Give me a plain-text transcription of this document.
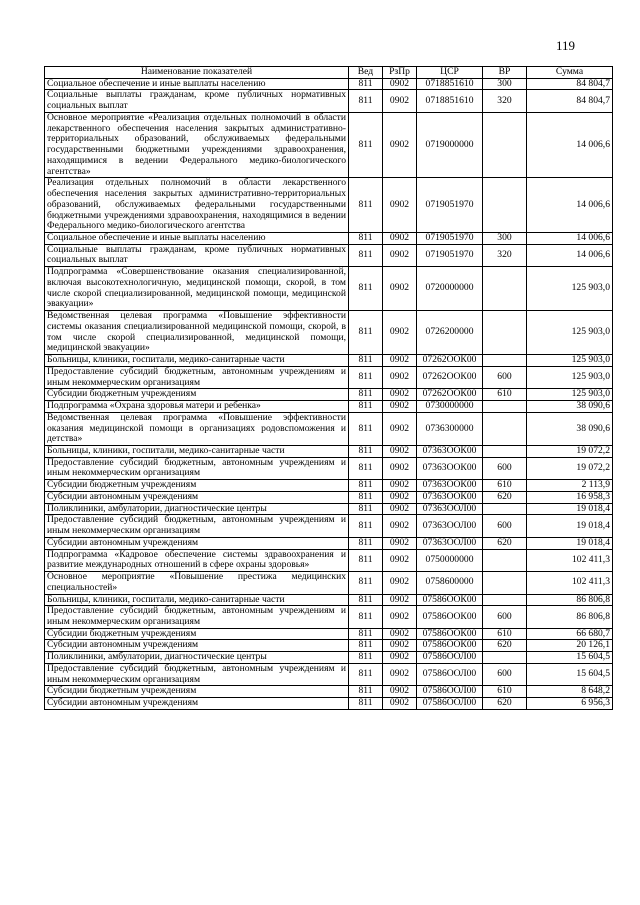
119
Наименование показателей	Вед	РзПр	ЦСР	ВР	Сумма
Социальное обеспечение и иные выплаты населению	811	0902	0718851610	300	84 804,7
Социальные выплаты гражданам, кроме публичных нормативных социальных выплат	811	0902	0718851610	320	84 804,7
Основное мероприятие «Реализация отдельных полномочий в области лекарственного обеспечения населения закрытых административно-территориальных образований, обслуживаемых федеральными государственными бюджетными учреждениями здравоохранения, находящимися в ведении Федерального медико-биологического агентства»	811	0902	0719000000		14 006,6
Реализация отдельных полномочий в области лекарственного обеспечения населения закрытых административно-территориальных образований, обслуживаемых федеральными государственными бюджетными учреждениями здравоохранения, находящимися в ведении Федерального медико-биологического агентства	811	0902	0719051970		14 006,6
Социальное обеспечение и иные выплаты населению	811	0902	0719051970	300	14 006,6
Социальные выплаты гражданам, кроме публичных нормативных социальных выплат	811	0902	0719051970	320	14 006,6
Подпрограмма «Совершенствование оказания специализированной, включая высокотехнологичную, медицинской помощи, скорой, в том числе скорой специализированной, медицинской помощи, медицинской эвакуации»	811	0902	0720000000		125 903,0
Ведомственная целевая программа «Повышение эффективности системы оказания специализированной медицинской помощи, скорой, в том числе скорой специализированной, медицинской помощи, медицинской эвакуации»	811	0902	0726200000		125 903,0
Больницы, клиники, госпитали, медико-санитарные части	811	0902	07262ООК00		125 903,0
Предоставление субсидий бюджетным, автономным учреждениям и иным некоммерческим организациям	811	0902	07262ООК00	600	125 903,0
Субсидии бюджетным учреждениям	811	0902	07262ООК00	610	125 903,0
Подпрограмма «Охрана здоровья матери и ребенка»	811	0902	0730000000		38 090,6
Ведомственная целевая программа «Повышение эффективности оказания медицинской помощи в организациях родовспоможения и детства»	811	0902	0736300000		38 090,6
Больницы, клиники, госпитали, медико-санитарные части	811	0902	07363ООК00		19 072,2
Предоставление субсидий бюджетным, автономным учреждениям и иным некоммерческим организациям	811	0902	07363ООК00	600	19 072,2
Субсидии бюджетным учреждениям	811	0902	07363ООК00	610	2 113,9
Субсидии автономным учреждениям	811	0902	07363ООК00	620	16 958,3
Поликлиники, амбулатории, диагностические центры	811	0902	07363ООЛ00		19 018,4
Предоставление субсидий бюджетным, автономным учреждениям и иным некоммерческим организациям	811	0902	07363ООЛ00	600	19 018,4
Субсидии автономным учреждениям	811	0902	07363ООЛ00	620	19 018,4
Подпрограмма «Кадровое обеспечение системы здравоохранения и развитие международных отношений в сфере охраны здоровья»	811	0902	0750000000		102 411,3
Основное мероприятие «Повышение престижа медицинских специальностей»	811	0902	0758600000		102 411,3
Больницы, клиники, госпитали, медико-санитарные части	811	0902	07586ООК00		86 806,8
Предоставление субсидий бюджетным, автономным учреждениям и иным некоммерческим организациям	811	0902	07586ООК00	600	86 806,8
Субсидии бюджетным учреждениям	811	0902	07586ООК00	610	66 680,7
Субсидии автономным учреждениям	811	0902	07586ООК00	620	20 126,1
Поликлиники, амбулатории, диагностические центры	811	0902	07586ООЛ00		15 604,5
Предоставление субсидий бюджетным, автономным учреждениям и иным некоммерческим организациям	811	0902	07586ООЛ00	600	15 604,5
Субсидии бюджетным учреждениям	811	0902	07586ООЛ00	610	8 648,2
Субсидии автономным учреждениям	811	0902	07586ООЛ00	620	6 956,3
